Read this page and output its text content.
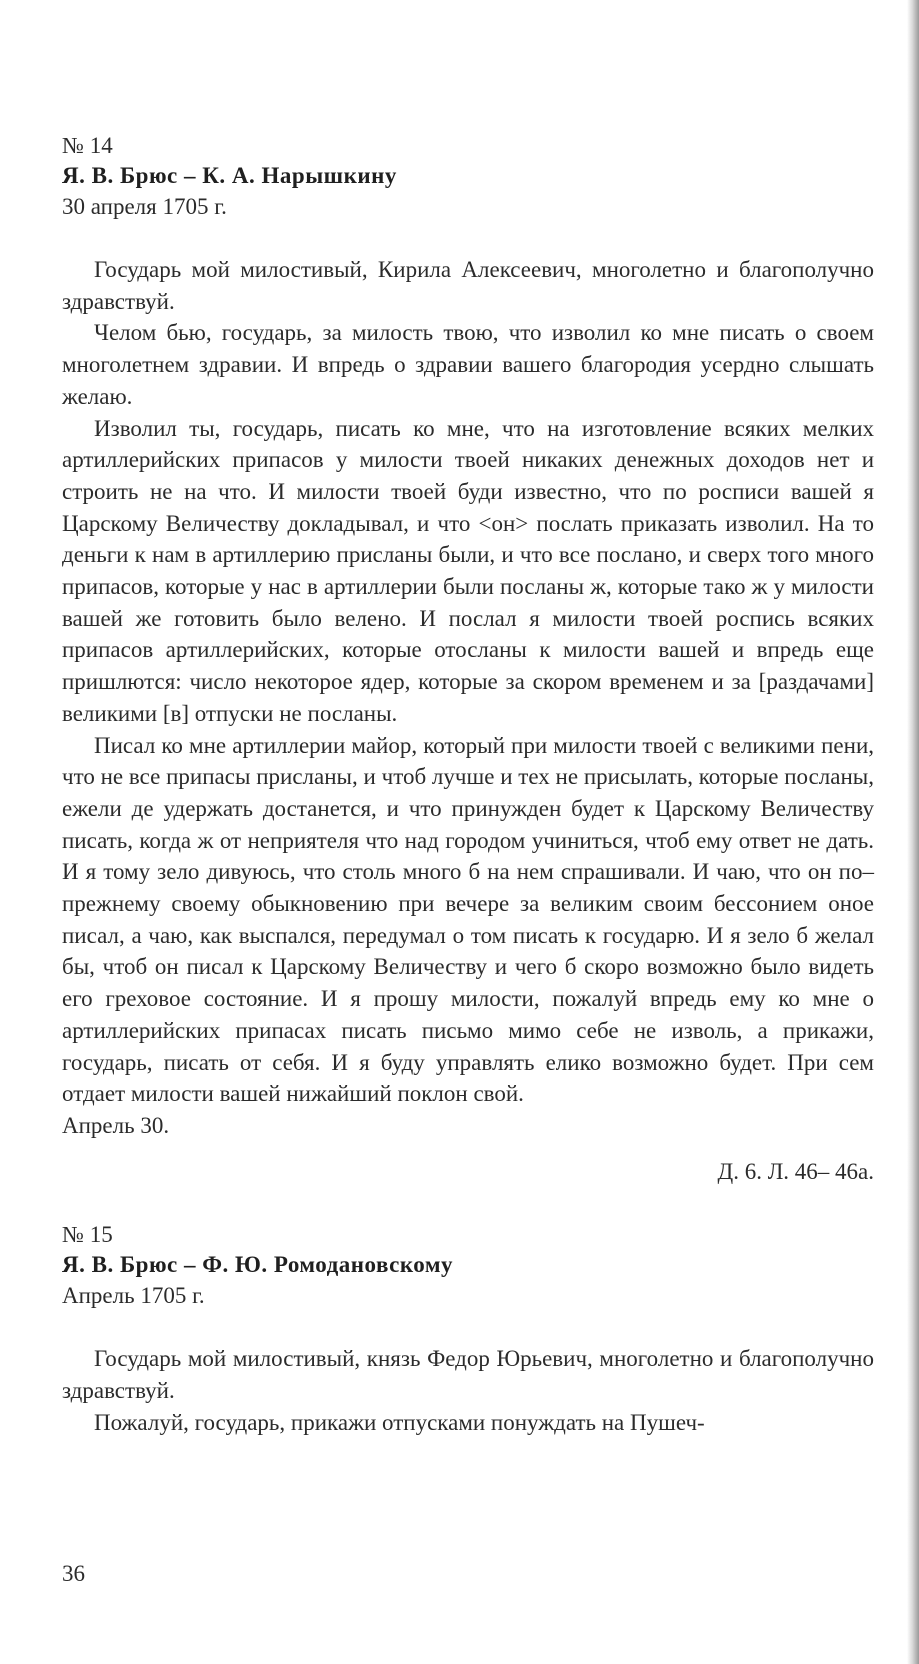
№ 14

Я. В. Брюс – К. А. Нарышкину

30 апреля 1705 г.

Государь мой милостивый, Кирила Алексеевич, многолетно и благополучно здравствуй.

Челом бью, государь, за милость твою, что изволил ко мне писать о своем многолетнем здравии. И впредь о здравии вашего благородия усердно слышать желаю.

Изволил ты, государь, писать ко мне, что на изготовление всяких мелких артиллерийских припасов у милости твоей никаких денежных доходов нет и строить не на что. И милости твоей буди известно, что по росписи вашей я Царскому Величеству докладывал, и что <он> послать приказать изволил. На то деньги к нам в артиллерию присланы были, и что все послано, и сверх того много припасов, которые у нас в артиллерии были посланы ж, которые тако ж у милости вашей же готовить было велено. И послал я милости твоей роспись всяких припасов артиллерийских, которые отосланы к милости вашей и впредь еще пришлются: число некоторое ядер, которые за скором временем и за [раздачами] великими [в] отпуски не посланы.

Писал ко мне артиллерии майор, который при милости твоей с великими пени, что не все припасы присланы, и чтоб лучше и тех не присылать, которые посланы, ежели де удержать достанется, и что принужден будет к Царскому Величеству писать, когда ж от неприятеля что над городом учиниться, чтоб ему ответ не дать. И я тому зело дивуюсь, что столь много б на нем спрашивали. И чаю, что он по–прежнему своему обыкновению при вечере за великим своим бессонием оное писал, а чаю, как выспался, передумал о том писать к государю. И я зело б желал бы, чтоб он писал к Царскому Величеству и чего б скоро возможно было видеть его греховое состояние. И я прошу милости, пожалуй впредь ему ко мне о артиллерийских припасах писать письмо мимо себе не изволь, а прикажи, государь, писать от себя. И я буду управлять елико возможно будет. При сем отдает милости вашей нижайший поклон свой.

Апрель 30.

Д. 6. Л. 46– 46а.

№ 15

Я. В. Брюс – Ф. Ю. Ромодановскому

Апрель 1705 г.

Государь мой милостивый, князь Федор Юрьевич, многолетно и благополучно здравствуй.

Пожалуй, государь, прикажи отпусками понуждать на Пушеч-

36
